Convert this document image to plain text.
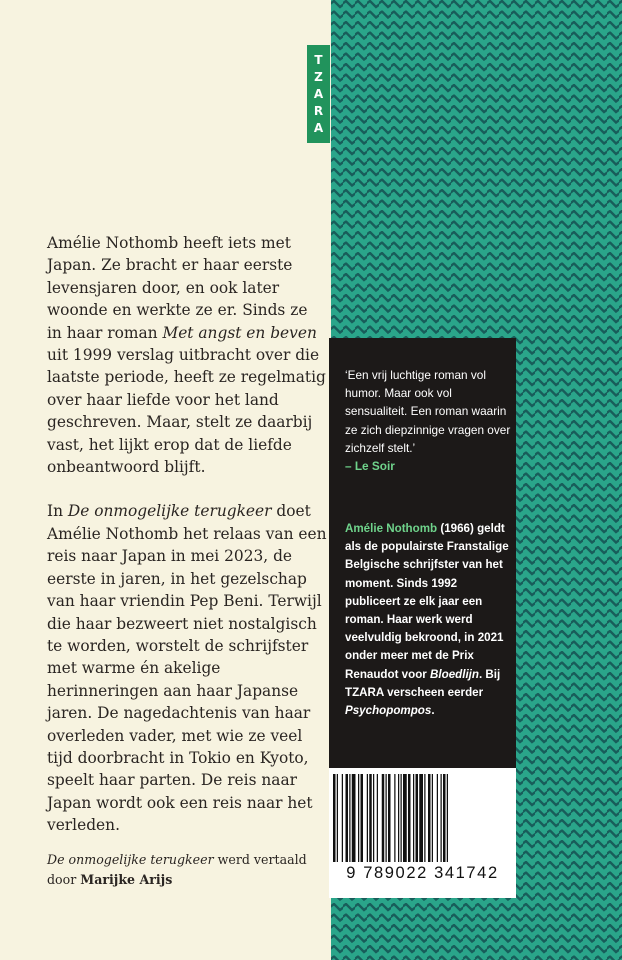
T
Z
A
R
A

Amélie Nothomb heeft iets met Japan. Ze bracht er haar eerste levensjaren door, en ook later woonde en werkte ze er. Sinds ze in haar roman Met angst en beven uit 1999 verslag uitbracht over die laatste periode, heeft ze regelmatig over haar liefde voor het land geschreven. Maar, stelt ze daarbij vast, het lijkt erop dat de liefde onbeantwoord blijft.

In De onmogelijke terugkeer doet Amélie Nothomb het relaas van een reis naar Japan in mei 2023, de eerste in jaren, in het gezelschap van haar vriendin Pep Beni. Terwijl die haar bezweert niet nostalgisch te worden, worstelt de schrijfster met warme én akelige herinneringen aan haar Japanse jaren. De nagedachtenis van haar overleden vader, met wie ze veel tijd doorbracht in Tokio en Kyoto, speelt haar parten. De reis naar Japan wordt ook een reis naar het verleden.

De onmogelijke terugkeer werd vertaald door Marijke Arijs
‘Een vrij luchtige roman vol humor. Maar ook vol sensualiteit. Een roman waarin ze zich diepzinnige vragen over zichzelf stelt.’
– Le Soir
Amélie Nothomb (1966) geldt als de populairste Franstalige Belgische schrijfster van het moment. Sinds 1992 publiceert ze elk jaar een roman. Haar werk werd veelvuldig bekroond, in 2021 onder meer met de Prix Renaudot voor Bloedlijn. Bij TZARA verscheen eerder Psychopompos.
9 789022 341742
